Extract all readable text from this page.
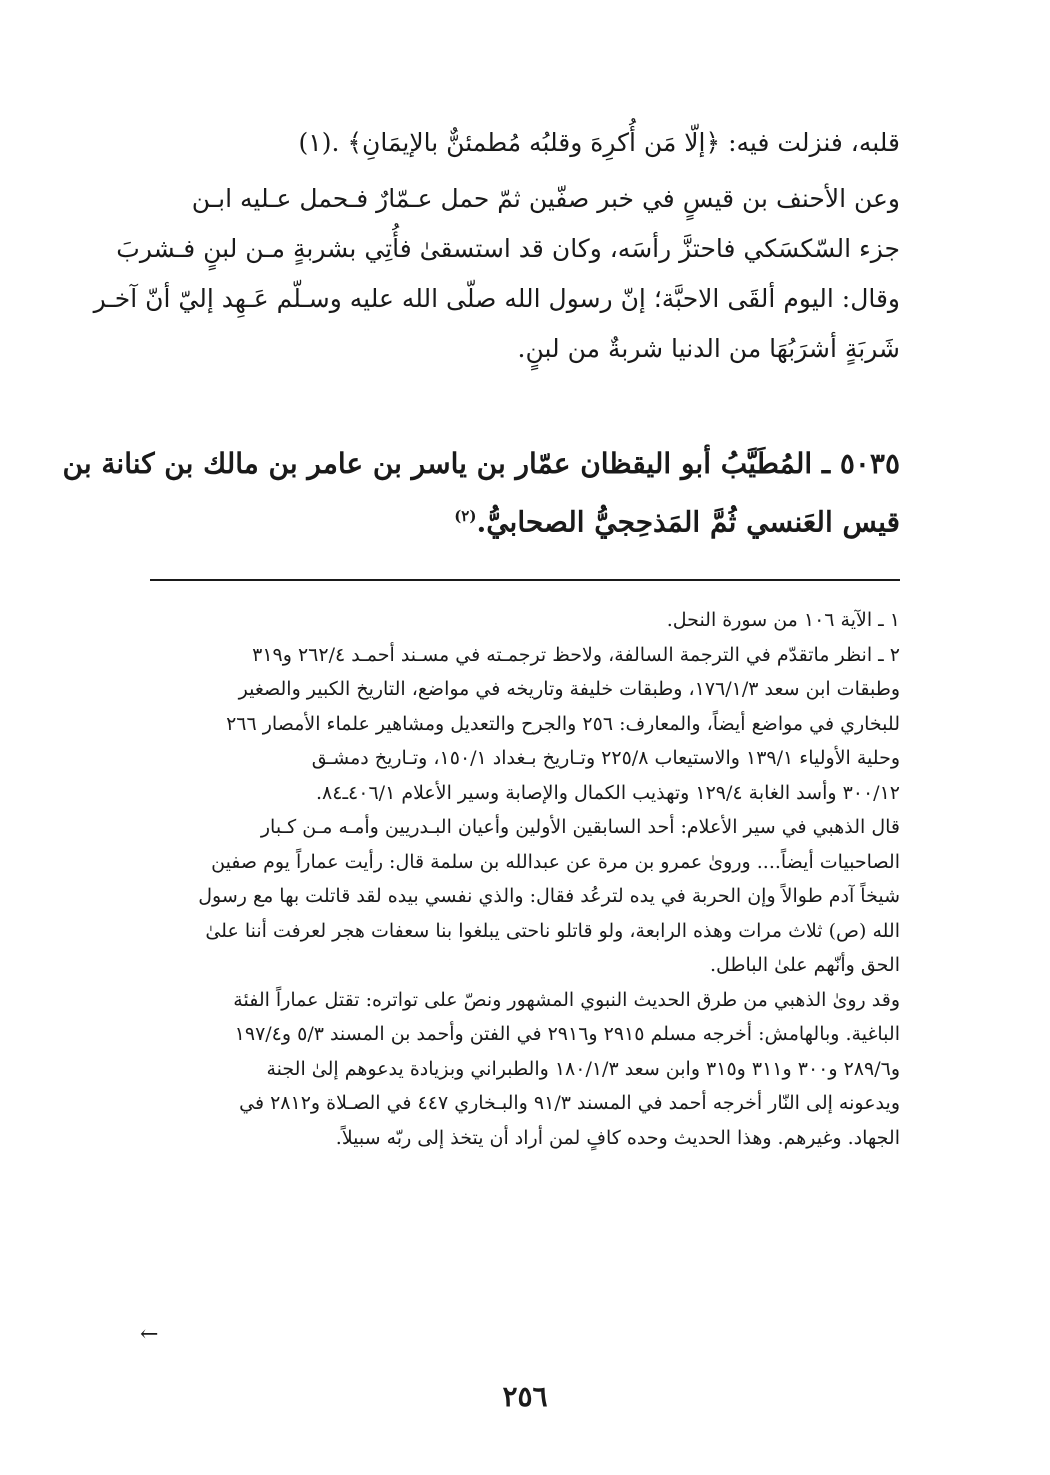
قلبه، فنزلت فيه: ﴿إلّا مَن أُكرِهَ وقلبُه مُطمئنٌّ بالإيمَانِ﴾ .(١)
وعن الأحنف بن قيسٍ في خبر صفّين ثمّ حمل عـمّارٌ فـحمل عـليه ابـن
جزء السّكسَكي فاحتزَّ رأسَه، وكان قد استسقىٰ فأُتِي بشربةٍ مـن لبنٍ فـشربَ
وقال: اليوم ألقَى الاحبَّة؛ إنّ رسول الله صلّى الله عليه وسـلّم عَـهِد إليّ أنّ آخـر
شَربَةٍ أشرَبُهَا من الدنيا شربةٌ من لبنٍ.
٥٠٣٥ ـ المُطَيَّبُ أبو اليقظان عمّار بن ياسر بن عامر بن مالك بن كنانة بن
قيس العَنسي ثُمَّ المَذحِجيُّ الصحابيُّ.$^{(٢)}$
١ ـ الآية ١٠٦ من سورة النحل.
٢ ـ انظر ماتقدّم في الترجمة السالفة، ولاحظ ترجمـته في مسـند أحمـد ٢٦٢/٤ و٣١٩
وطبقات ابن سعد ١٧٦/١/٣، وطبقات خليفة وتاريخه في مواضع، التاريخ الكبير والصغير
للبخاري في مواضع أيضاً، والمعارف: ٢٥٦ والجرح والتعديل ومشاهير علماء الأمصار ٢٦٦
وحلية الأولياء ١٣٩/١ والاستيعاب ٢٢٥/٨ وتـاريخ بـغداد ١٥٠/١، وتـاريخ دمشـق
٣٠٠/١٢ وأسد الغابة ١٢٩/٤ وتهذيب الكمال والإصابة وسير الأعلام ٤٠٦/١ـ٨٤.
قال الذهبي في سير الأعلام: أحد السابقين الأولين وأعيان البـدريين وأمـه مـن كـبار
الصاحبيات أيضاً.... وروىٰ عمرو بن مرة عن عبدالله بن سلمة قال: رأيت عماراً يوم صفين
شيخاً آدم طوالاً وإن الحربة في يده لترعُد فقال: والذي نفسي بيده لقد قاتلت بها مع رسول
الله (ص) ثلاث مرات وهذه الرابعة، ولو قاتلو ناحتى يبلغوا بنا سعفات هجر لعرفت أننا علىٰ
الحق وأنّهم علىٰ الباطل.
وقد روىٰ الذهبي من طرق الحديث النبوي المشهور ونصّ على تواتره: تقتل عماراً الفئة
الباغية. وبالهامش: أخرجه مسلم ٢٩١٥ و٢٩١٦ في الفتن وأحمد بن المسند ٥/٣ و١٩٧/٤
و٢٨٩/٦ و٣٠٠ و٣١١ و٣١٥ وابن سعد ١٨٠/١/٣ والطبراني وبزيادة يدعوهم إلىٰ الجنة
ويدعونه إلى النّار أخرجه أحمد في المسند ٩١/٣ والبـخاري ٤٤٧ في الصـلاة و٢٨١٢ في
الجهاد. وغيرهم. وهذا الحديث وحده كافٍ لمن أراد أن يتخذ إلى ربّه سبيلاً.
←
٢٥٦
